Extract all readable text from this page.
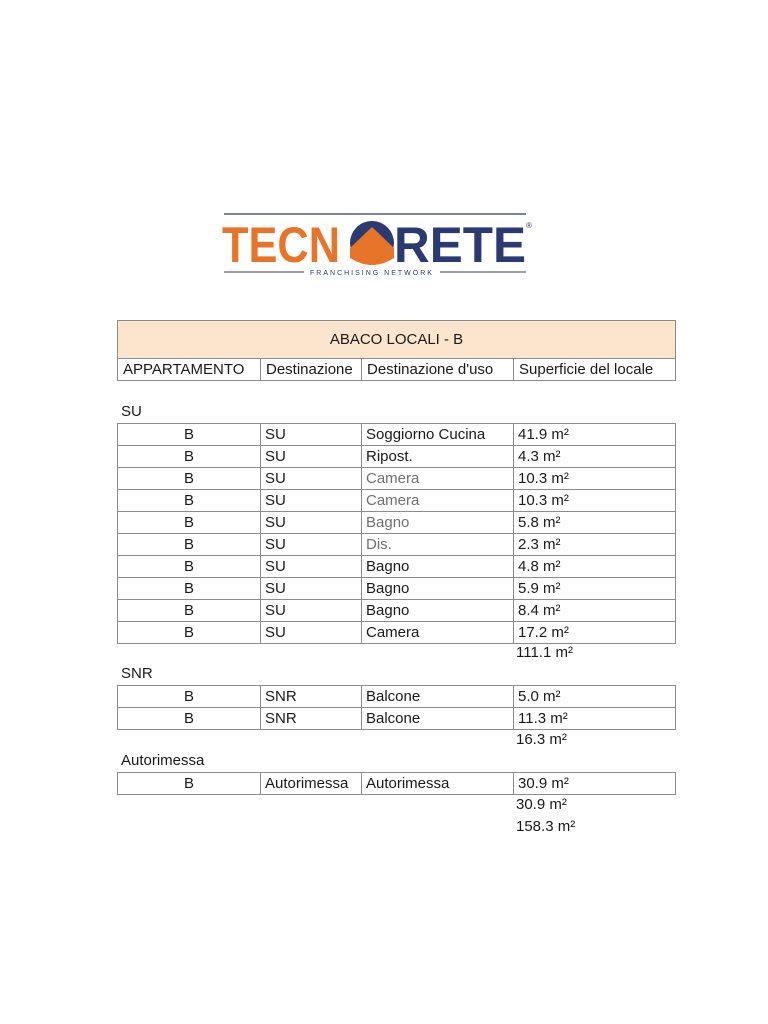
TECN RETE ®
FRANCHISING NETWORK
ABACO LOCALI - B
APPARTAMENTO	Destinazione	Destinazione d'uso	Superficie del locale
SU
B	SU	Soggiorno Cucina	41.9 m²
B	SU	Ripost.	4.3 m²
B	SU	Camera	10.3 m²
B	SU	Camera	10.3 m²
B	SU	Bagno	5.8 m²
B	SU	Dis.	2.3 m²
B	SU	Bagno	4.8 m²
B	SU	Bagno	5.9 m²
B	SU	Bagno	8.4 m²
B	SU	Camera	17.2 m²
111.1 m²
SNR
B	SNR	Balcone	5.0 m²
B	SNR	Balcone	11.3 m²
16.3 m²
Autorimessa
B	Autorimessa	Autorimessa	30.9 m²
30.9 m²
158.3 m²
